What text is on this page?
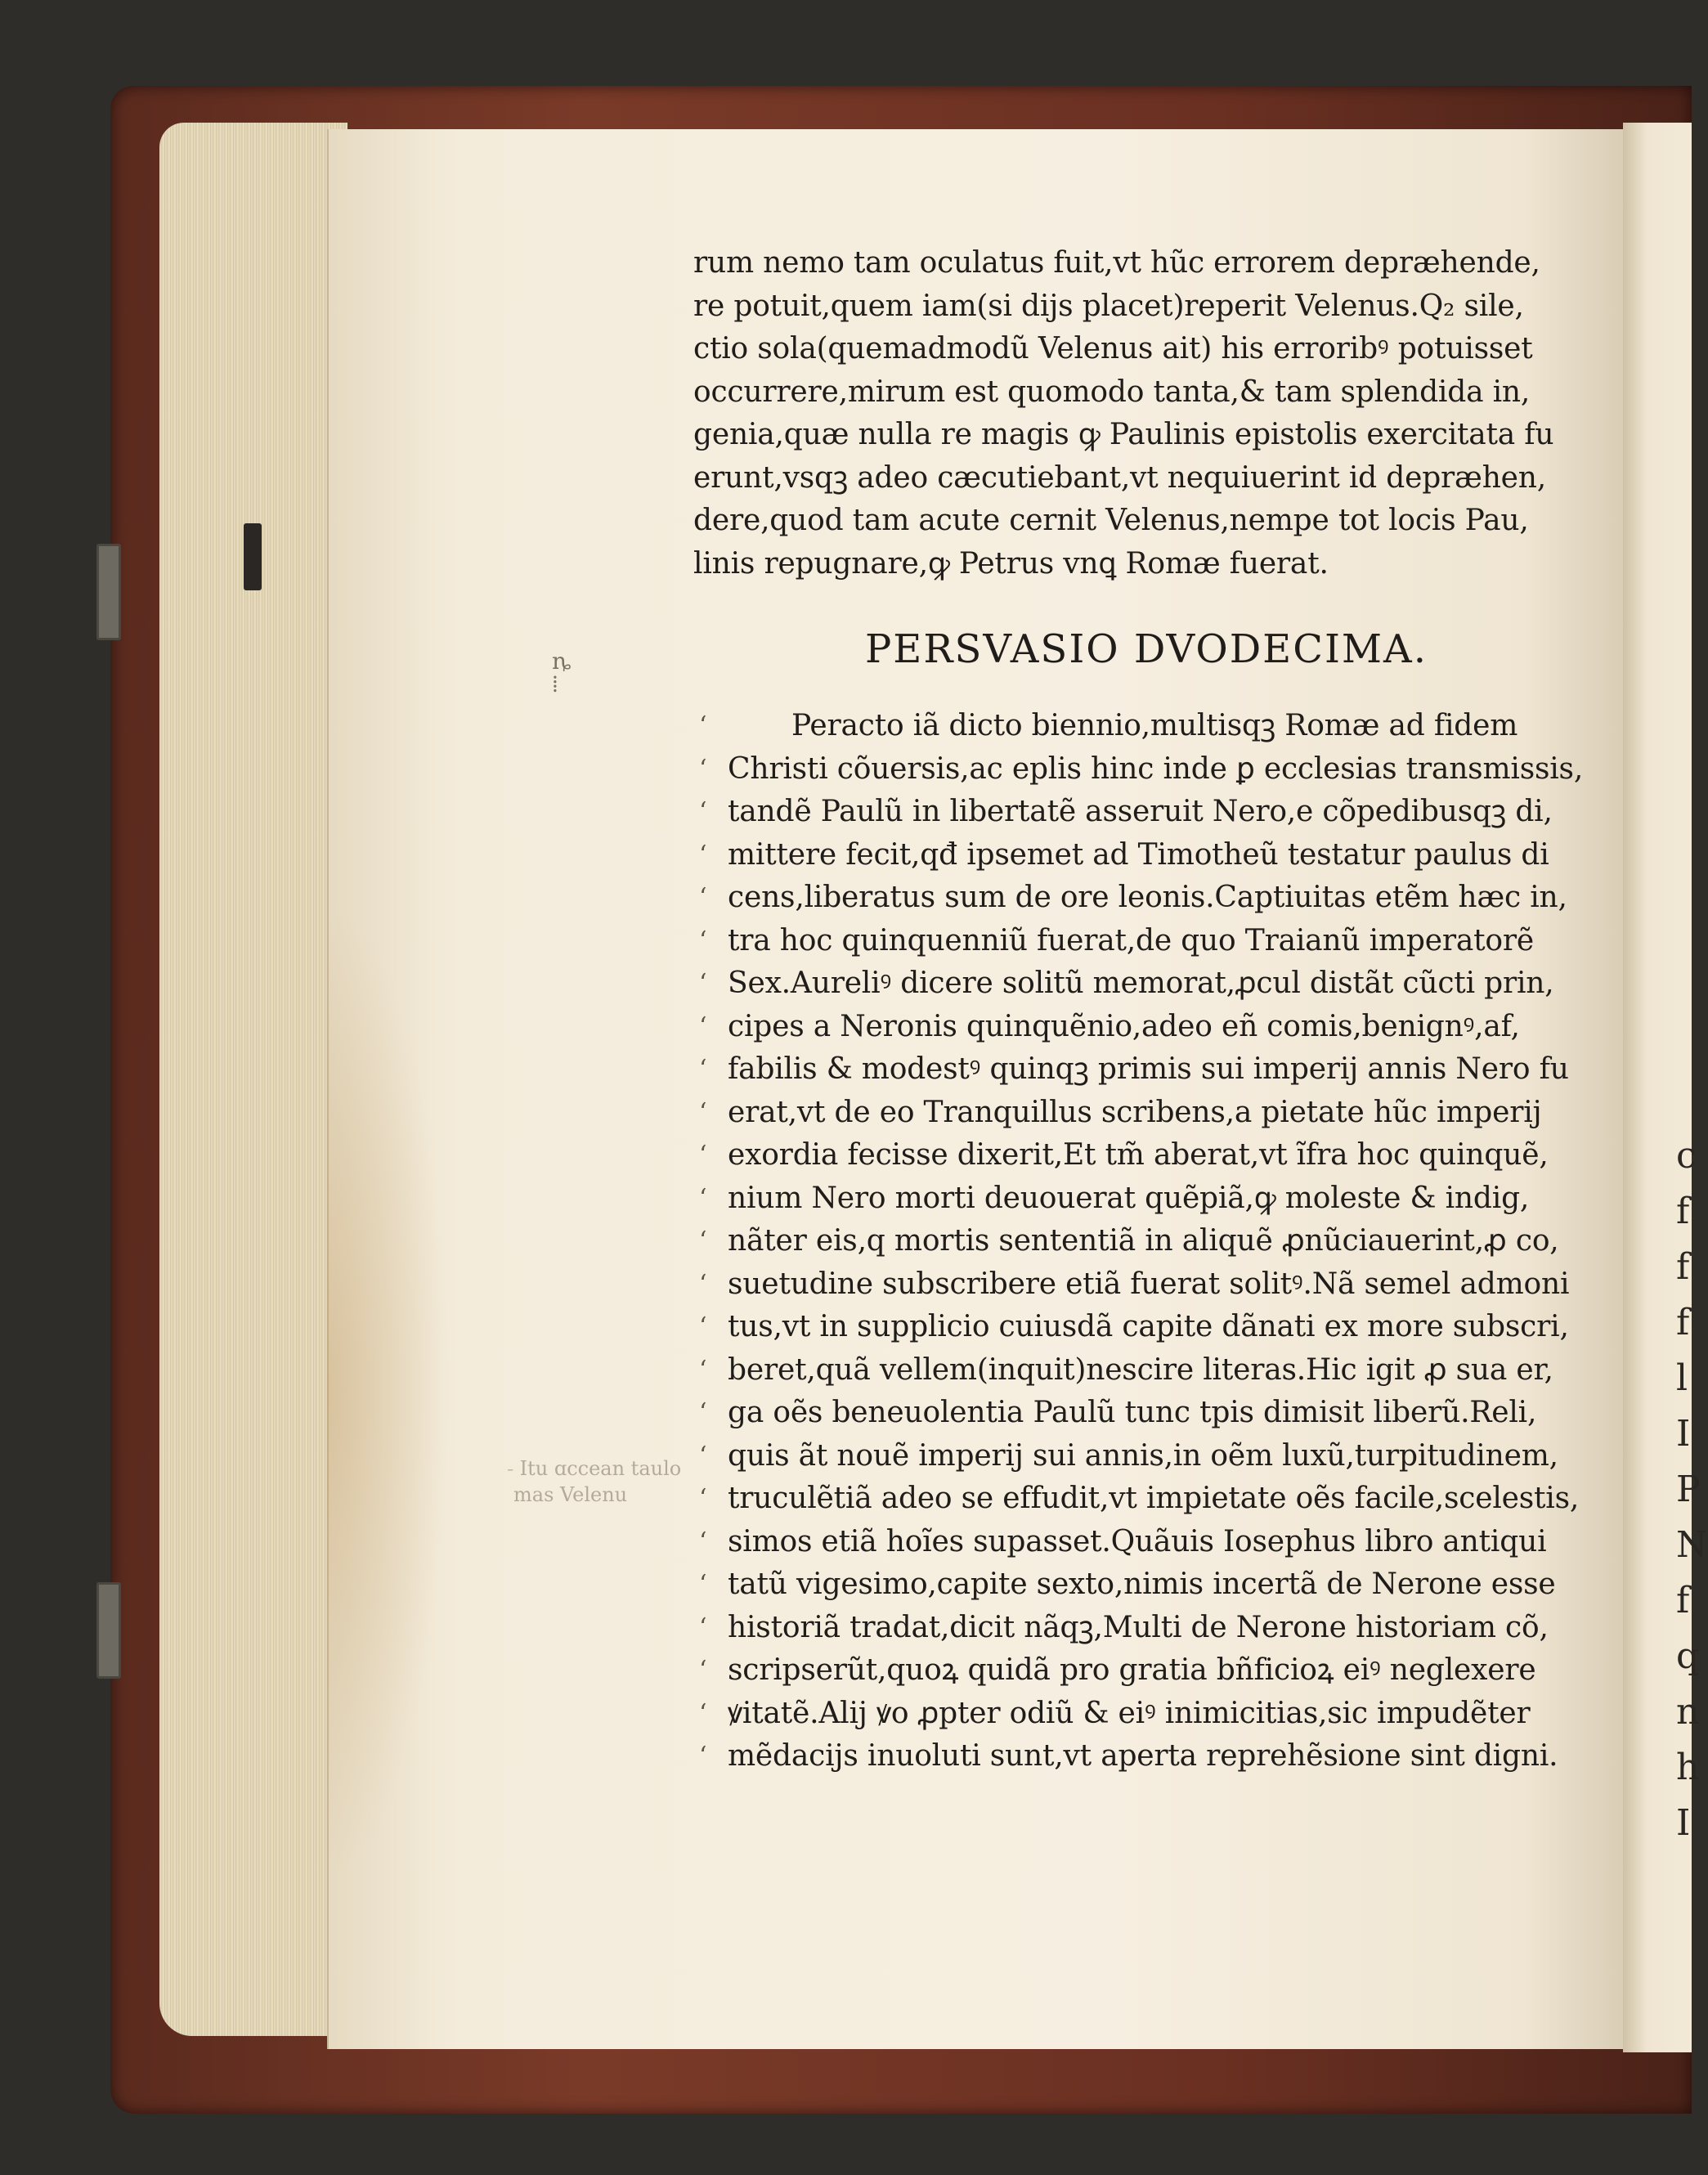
c
f
f
f
l
I
P
N
f
q
n
h
I
rum nemo tam oculatus fuit,vt hũc errorem deprӕhende,
re potuit,quem iam(si dijs placet)reperit Velenus.Q₂ sile,
ctio sola(quemadmodũ Velenus ait) his erroribꝰ potuisset
occurrere,mirum est quomodo tanta,& tam splendida in,
genia,quӕ nulla re magis ꝙ Paulinis epistolis exercitata fu
erunt,vsqꝫ adeo cӕcutiebant,vt nequiuerint id deprӕhen,
dere,quod tam acute cernit Velenus,nempe tot locis Pau,
linis repugnare,ꝙ Petrus vnꝗ Romӕ fuerat.
PERSVASIO DVODECIMA.
ʻ
ʻ
ʻ
ʻ
ʻ
ʻ
ʻ
ʻ
ʻ
ʻ
ʻ
ʻ
ʻ
ʻ
ʻ
ʻ
ʻ
ʻ
ʻ
ʻ
ʻ
ʻ
ʻ
ʻ
ʻ
Peracto iã dicto biennio,multisqꝫ Romӕ ad fidem
Christi cõuersis,ac eplis hinc inde ꝑ ecclesias transmissis,
tandẽ Paulũ in libertatẽ asseruit Nero,e cõpedibusqꝫ di,
mittere fecit,qđ ipsemet ad Timotheũ testatur paulus di
cens,liberatus sum de ore leonis.Captiuitas etẽm hӕc in,
tra hoc quinquenniũ fuerat,de quo Traianũ imperatorẽ
Sex.Aureliꝰ dicere solitũ memorat,ꝓcul distãt cũcti prin,
cipes a Neronis quinquẽnio,adeo eñ comis,benignꝰ,af,
fabilis & modestꝰ quinqꝫ primis sui imperij annis Nero fu
erat,vt de eo Tranquillus scribens,a pietate hũc imperij
exordia fecisse dixerit,Et tm̃ aberat,vt ĩfra hoc quinquẽ,
nium Nero morti deuouerat quẽpiã,ꝙ moleste & indig,
nãter eis,q mortis sententiã in aliquẽ ꝓnũciauerint,ꝓ co,
suetudine subscribere etiã fuerat solitꝰ.Nã semel admoni
tus,vt in supplicio cuiusdã capite dãnati ex more subscri,
beret,quã vellem(inquit)nescire literas.Hic igit ꝓ sua er,
ga oẽs beneuolentia Paulũ tunc tpis dimisit liberũ.Reli,
quis ãt nouẽ imperij sui annis,in oẽm luxũ,turpitudinem,
truculẽtiã adeo se effudit,vt impietate oẽs facile,scelestis,
simos etiã hoĩes supasset.Quãuis Iosephus libro antiqui
tatũ vigesimo,capite sexto,nimis incertã de Nerone esse
historiã tradat,dicit nãqꝫ,Multi de Nerone historiam cõ,
scripserũt,quoꝝ quidã pro gratia bñficioꝝ eiꝰ neglexere
ꝟitatẽ.Alij ꝟo ꝓpter odiũ & eiꝰ inimicitias,sic impudẽter
mẽdacijs inuoluti sunt,vt aperta reprehẽsione sint digni.
̵ Itu ɑccean taulo
mas Velenu
ȵ
⁞
